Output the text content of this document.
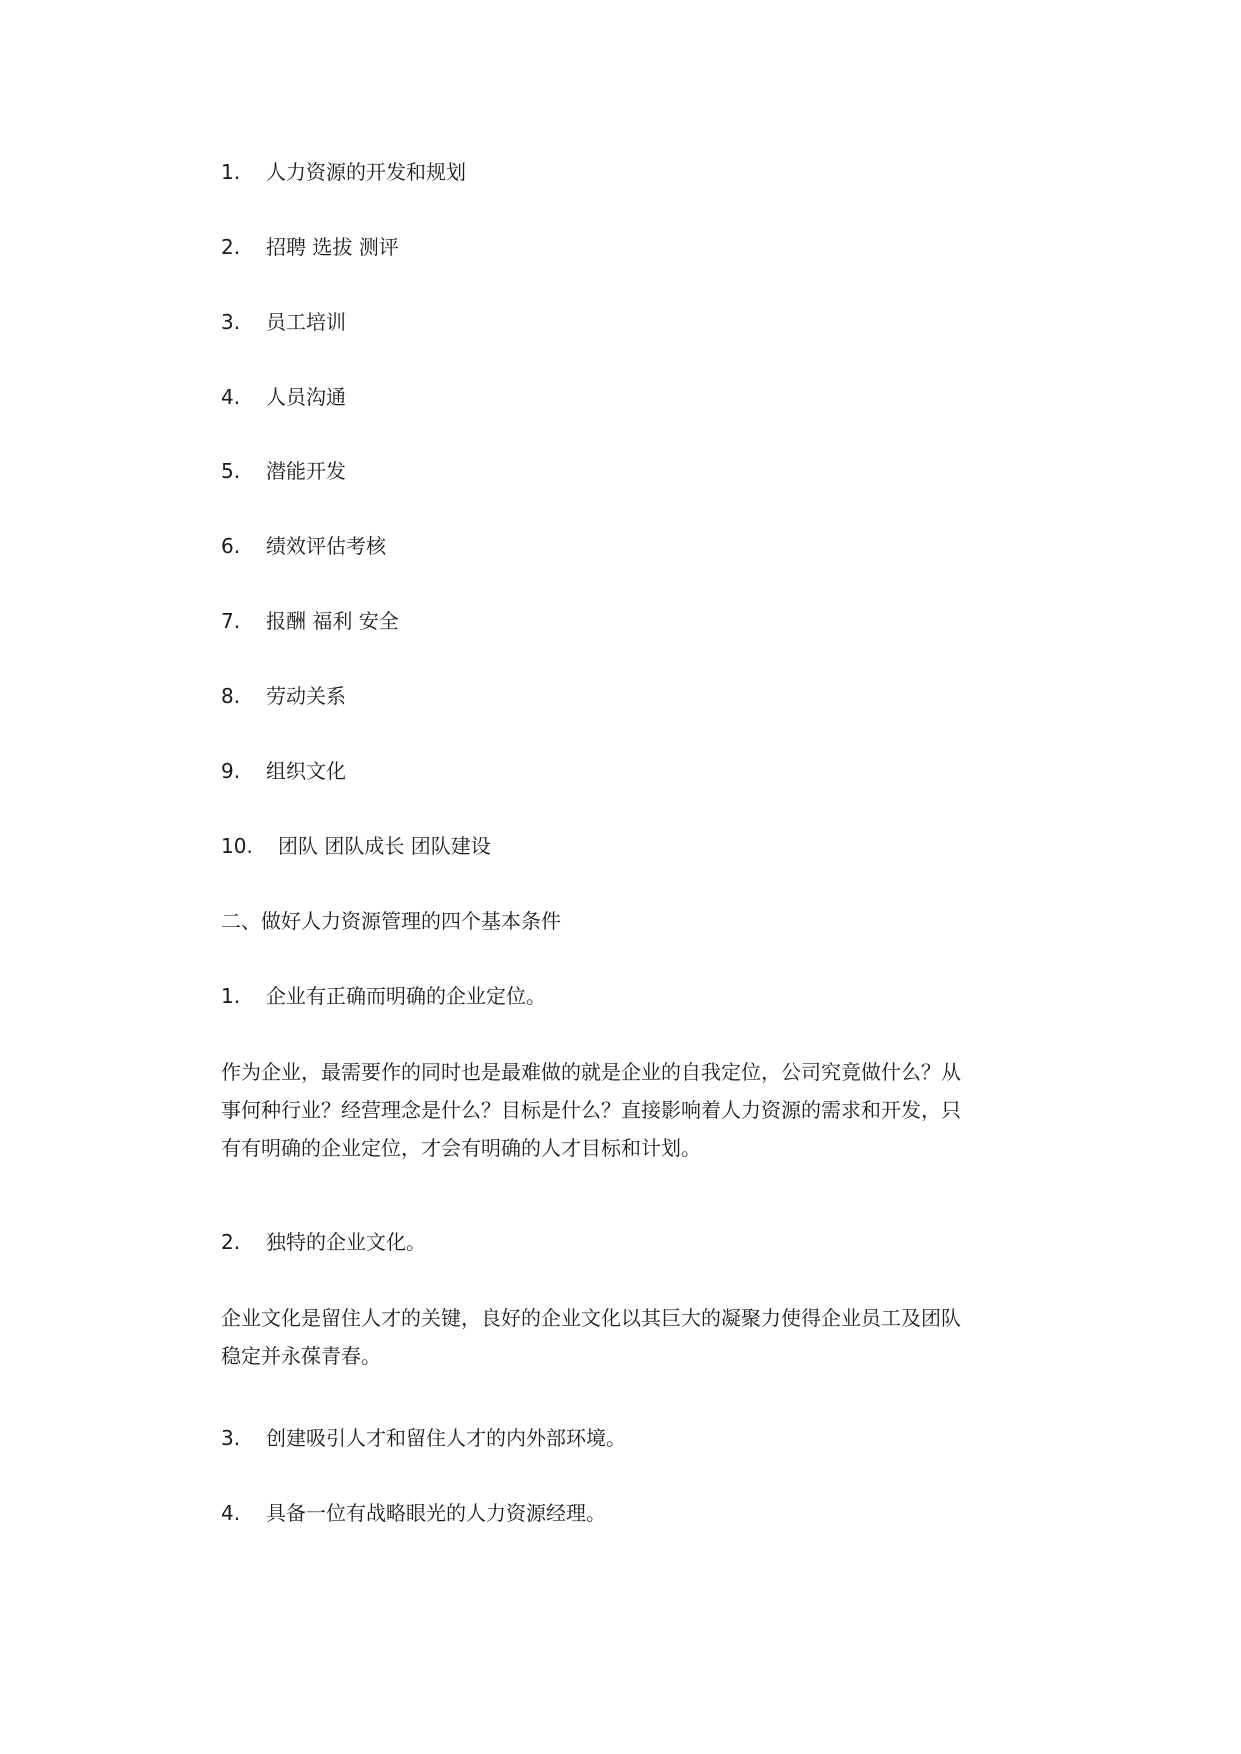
1. 人力资源的开发和规划
2. 招聘 选拔 测评
3. 员工培训
4. 人员沟通
5. 潜能开发
6. 绩效评估考核
7. 报酬 福利 安全
8. 劳动关系
9. 组织文化
10. 团队 团队成长 团队建设
二、做好人力资源管理的四个基本条件
1. 企业有正确而明确的企业定位。

作为企业，最需要作的同时也是最难做的就是企业的自我定位，公司究竟做什么？从

事何种行业？经营理念是什么？目标是什么？直接影响着人力资源的需求和开发，只

有有明确的企业定位，才会有明确的人才目标和计划。

2. 独特的企业文化。

企业文化是留住人才的关键，良好的企业文化以其巨大的凝聚力使得企业员工及团队

稳定并永葆青春。

3. 创建吸引人才和留住人才的内外部环境。
4. 具备一位有战略眼光的人力资源经理。
